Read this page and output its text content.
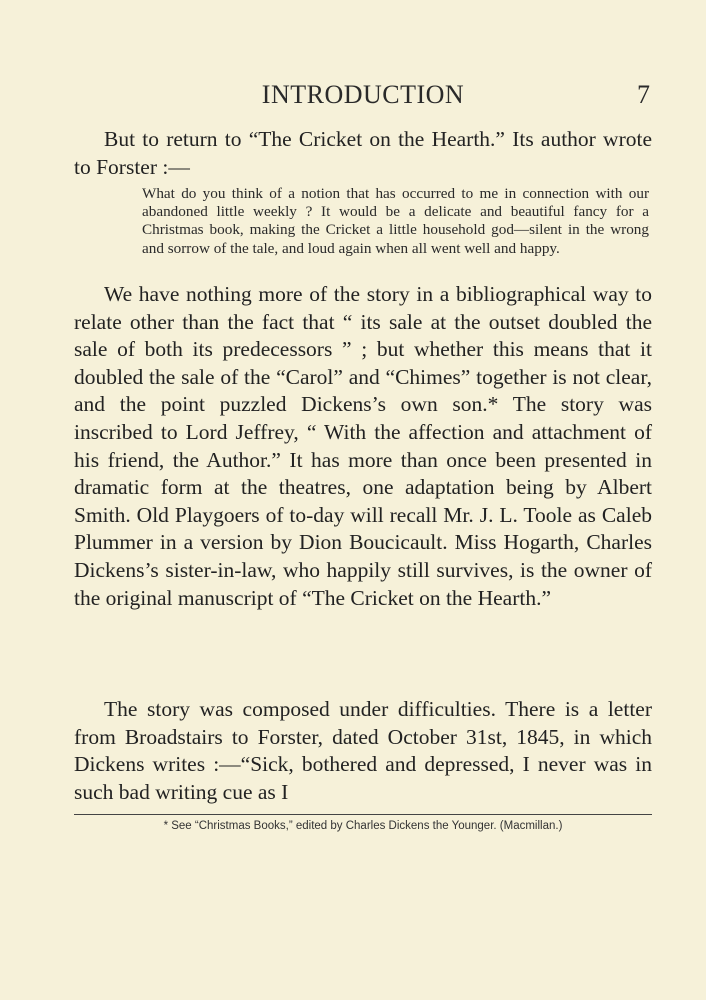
INTRODUCTION	7

But to return to “The Cricket on the Hearth.” Its author wrote to Forster :—

What do you think of a notion that has occurred to me in connection with our abandoned little weekly ? It would be a delicate and beautiful fancy for a Christmas book, making the Cricket a little household god—silent in the wrong and sorrow of the tale, and loud again when all went well and happy.

We have nothing more of the story in a bibliographical way to relate other than the fact that “ its sale at the outset doubled the sale of both its predecessors ” ; but whether this means that it doubled the sale of the “Carol” and “Chimes” together is not clear, and the point puzzled Dickens’s own son.* The story was inscribed to Lord Jeffrey, “ With the affection and attachment of his friend, the Author.” It has more than once been presented in dramatic form at the theatres, one adaptation being by Albert Smith. Old Playgoers of to-day will recall Mr. J. L. Toole as Caleb Plummer in a version by Dion Boucicault. Miss Hogarth, Charles Dickens’s sister-in-law, who happily still survives, is the owner of the original manuscript of “The Cricket on the Hearth.”

The story was composed under difficulties. There is a letter from Broadstairs to Forster, dated October 31st, 1845, in which Dickens writes :—“Sick, bothered and depressed, I never was in such bad writing cue as I

* See “Christmas Books,” edited by Charles Dickens the Younger. (Macmillan.)
